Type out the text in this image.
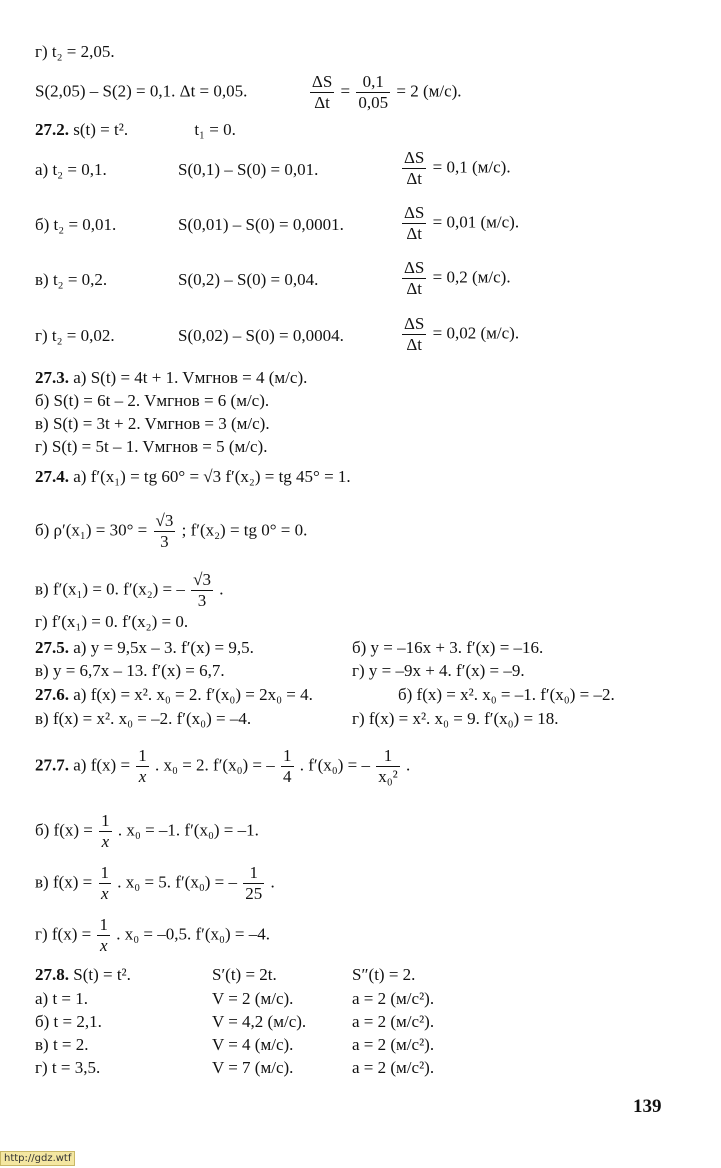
г) t₂ = 2,05.
S(2,05) – S(2) = 0,1. Δt = 0,05.	$\frac{\Delta S}{\Delta t} = \frac{0,1}{0,05} = 2$ (м/с).
27.2. s(t) = t².	t₁ = 0.
а) t₂ = 0,1.	S(0,1) – S(0) = 0,01.	$\frac{\Delta S}{\Delta t} = 0,1$ (м/с).
б) t₂ = 0,01.	S(0,01) – S(0) = 0,0001.	$\frac{\Delta S}{\Delta t} = 0,01$ (м/с).
в) t₂ = 0,2.	S(0,2) – S(0) = 0,04.	$\frac{\Delta S}{\Delta t} = 0,2$ (м/с).
г) t₂ = 0,02.	S(0,02) – S(0) = 0,0004.	$\frac{\Delta S}{\Delta t} = 0,02$ (м/с).
27.3. а) S(t) = 4t + 1. Vмгнов = 4 (м/с).
б) S(t) = 6t – 2. Vмгнов = 6 (м/с).
в) S(t) = 3t + 2. Vмгнов = 3 (м/с).
г) S(t) = 5t – 1. Vмгнов = 5 (м/с).
27.4. а) f′(x₁) = tg 60° = √3 f′(x₂) = tg 45° = 1.
б) $\rho'(x_1) = 30^\circ = \frac{√3}{3}$ ; f′(x₂) = tg 0° = 0.
в) f′(x₁) = 0. f′(x₂) = – $\frac{√3}{3}$ .
г) f′(x₁) = 0. f′(x₂) = 0.
27.5. а) y = 9,5x – 3. f′(x) = 9,5.	б) y = –16x + 3. f′(x) = –16.
в) y = 6,7x – 13. f′(x) = 6,7.	г) y = –9x + 4. f′(x) = –9.
27.6. а) f(x) = x². x₀ = 2. f′(x₀) = 2x₀ = 4.	б) f(x) = x². x₀ = –1. f′(x₀) = –2.
в) f(x) = x². x₀ = –2. f′(x₀) = –4.	г) f(x) = x². x₀ = 9. f′(x₀) = 18.
27.7. а) $f(x) = \frac{1}{x}$ . x₀ = 2. f′(x₀) = – $\frac{1}{4}$ . f′(x₀) = – $\frac{1}{\text{x₀²}}$ .
б) $f(x) = \frac{1}{x}$ . x₀ = –1. f′(x₀) = –1.
в) $f(x) = \frac{1}{x}$ . x₀ = 5. f′(x₀) = – $\frac{1}{25}$ .
г) $f(x) = \frac{1}{x}$ . x₀ = –0,5. f′(x₀) = –4.
27.8. S(t) = t².	S′(t) = 2t.	S″(t) = 2.
а) t = 1.	V = 2 (м/с).	a = 2 (м/с²).
б) t = 2,1.	V = 4,2 (м/с).	a = 2 (м/с²).
в) t = 2.	V = 4 (м/с).	a = 2 (м/с²).
г) t = 3,5.	V = 7 (м/с).	a = 2 (м/с²).
139
http://gdz.wtf
